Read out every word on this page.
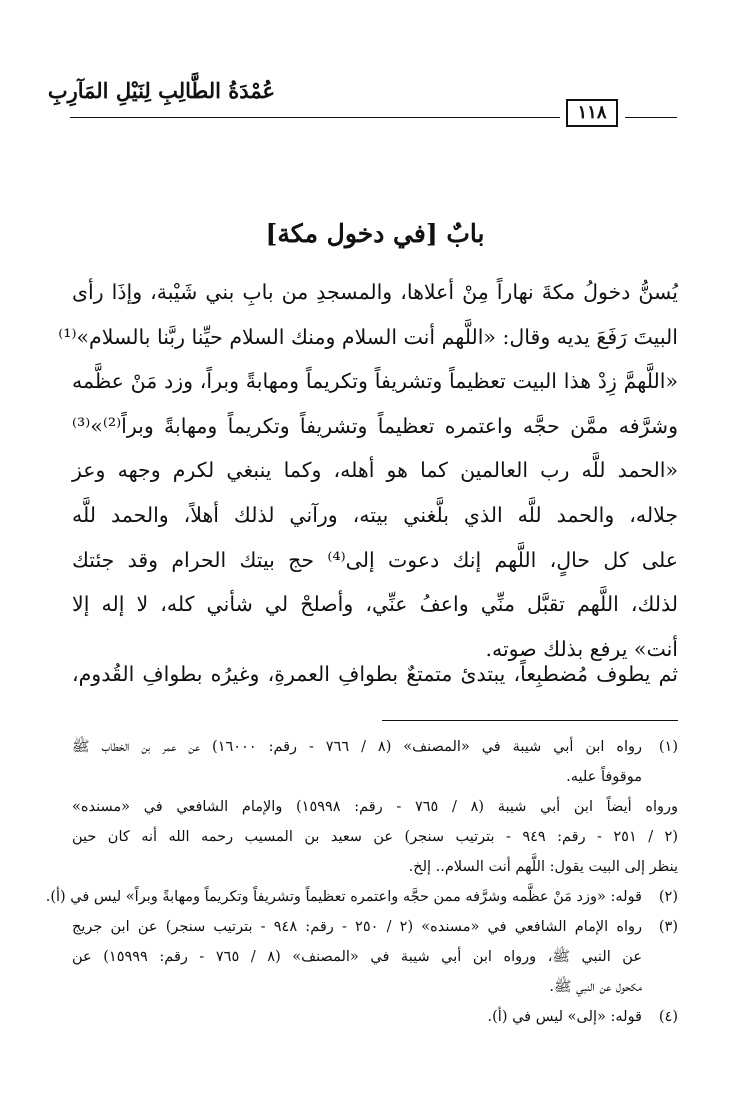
١١٨
عُمْدَةُ الطَّالِبِ لِنَيْلِ المَآرِبِ
بابٌ [في دخول مكة]
يُسنُّ دخولُ مكةَ نهاراً مِنْ أعلاها، والمسجدِ من بابِ بني شَيْبة، وإذَا رأى
البيتَ رَفَعَ يديه وقال: «اللَّهم أنت السلام ومنك السلام حيِّنا ربَّنا بالسلام»⁽¹⁾
«اللَّهمَّ زِدْ هذا البيت تعظيماً وتشريفاً وتكريماً ومهابةً وبراً، وزد مَنْ عظَّمه
وشرَّفه ممَّن حجَّه واعتمره تعظيماً وتشريفاً وتكريماً ومهابةً وبراً⁽²⁾»⁽³⁾
«الحمد للَّه رب العالمين كما هو أهله، وكما ينبغي لكرم وجهه وعز
جلاله، والحمد للَّه الذي بلَّغني بيته، ورآني لذلك أهلاً، والحمد للَّه
على كل حالٍ، اللَّهم إنك دعوت إلى⁽⁴⁾ حج بيتك الحرام وقد جئتك
لذلك، اللَّهم تقبَّل منِّي واعفُ عنِّي، وأصلحْ لي شأني كله، لا إله إلا
أنت» يرفع بذلك صوته.
ثم يطوف مُضطبِعاً، يبتدئ متمتعٌ بطوافِ العمرةِ، وغيرُه بطوافِ القُدوم،
(١)رواه ابن أبي شيبة في «المصنف» (٨ / ٧٦٦ - رقم: ١٦٠٠٠) عن عمر بن الخطاب ﷺ
موقوفاً عليه.
ورواه أيضاً ابن أبي شيبة (٨ / ٧٦٥ - رقم: ١٥٩٩٨) والإمام الشافعي في «مسنده»
(٢ / ٢٥١ - رقم: ٩٤٩ - بترتيب سنجر) عن سعيد بن المسيب رحمه الله أنه كان حين
ينظر إلى البيت يقول: اللَّهم أنت السلام.. إلخ.
(٢)قوله: «وزد مَنْ عظَّمه وشرَّفه ممن حجَّه واعتمره تعظيماً وتشريفاً وتكريماً ومهابةً وبراً» ليس في (أ).
(٣)رواه الإمام الشافعي في «مسنده» (٢ / ٢٥٠ - رقم: ٩٤٨ - بترتيب سنجر) عن ابن جريج
عن النبي ﷺ، ورواه ابن أبي شيبة في «المصنف» (٨ / ٧٦٥ - رقم: ١٥٩٩٩) عن
مكحول عن النبي ﷺ.
(٤)قوله: «إلى» ليس في (أ).
